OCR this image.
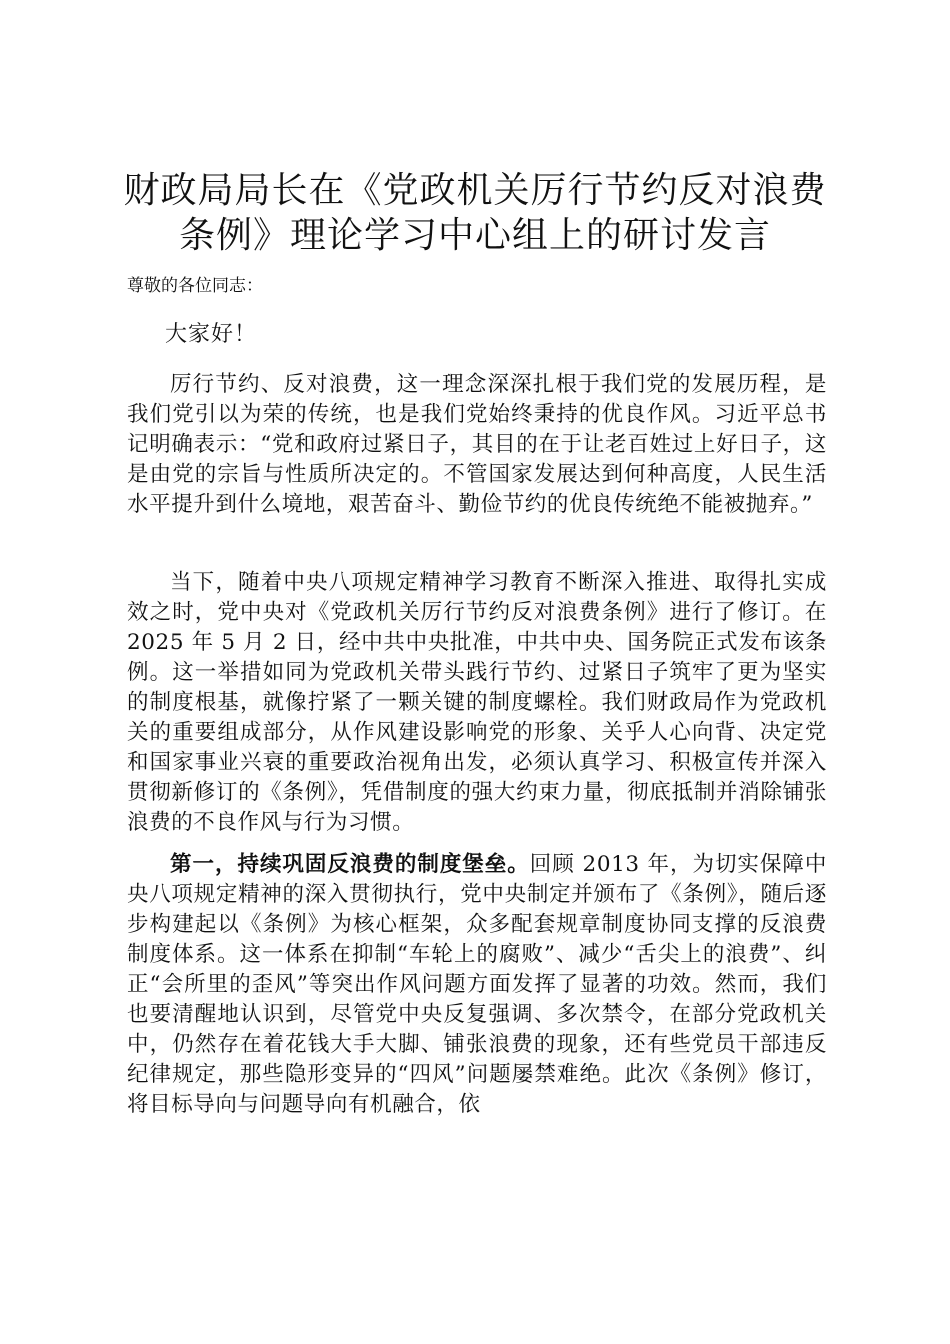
财政局局长在《党政机关厉行节约反对浪费条例》理论学习中心组上的研讨发言

尊敬的各位同志：

大家好！

厉行节约、反对浪费，这一理念深深扎根于我们党的发展历程，是我们党引以为荣的传统，也是我们党始终秉持的优良作风。习近平总书记明确表示：“党和政府过紧日子，其目的在于让老百姓过上好日子，这是由党的宗旨与性质所决定的。不管国家发展达到何种高度，人民生活水平提升到什么境地，艰苦奋斗、勤俭节约的优良传统绝不能被抛弃。”

当下，随着中央八项规定精神学习教育不断深入推进、取得扎实成效之时，党中央对《党政机关厉行节约反对浪费条例》进行了修订。在 2025 年 5 月 2 日，经中共中央批准，中共中央、国务院正式发布该条例。这一举措如同为党政机关带头践行节约、过紧日子筑牢了更为坚实的制度根基，就像拧紧了一颗关键的制度螺栓。我们财政局作为党政机关的重要组成部分，从作风建设影响党的形象、关乎人心向背、决定党和国家事业兴衰的重要政治视角出发，必须认真学习、积极宣传并深入贯彻新修订的《条例》，凭借制度的强大约束力量，彻底抵制并消除铺张浪费的不良作风与行为习惯。

第一，持续巩固反浪费的制度堡垒。回顾 2013 年，为切实保障中央八项规定精神的深入贯彻执行，党中央制定并颁布了《条例》，随后逐步构建起以《条例》为核心框架，众多配套规章制度协同支撑的反浪费制度体系。这一体系在抑制“车轮上的腐败”、减少“舌尖上的浪费”、纠正“会所里的歪风”等突出作风问题方面发挥了显著的功效。然而，我们也要清醒地认识到，尽管党中央反复强调、多次禁令，在部分党政机关中，仍然存在着花钱大手大脚、铺张浪费的现象，还有些党员干部违反纪律规定，那些隐形变异的“四风”问题屡禁难绝。此次《条例》修订，将目标导向与问题导向有机融合，依
